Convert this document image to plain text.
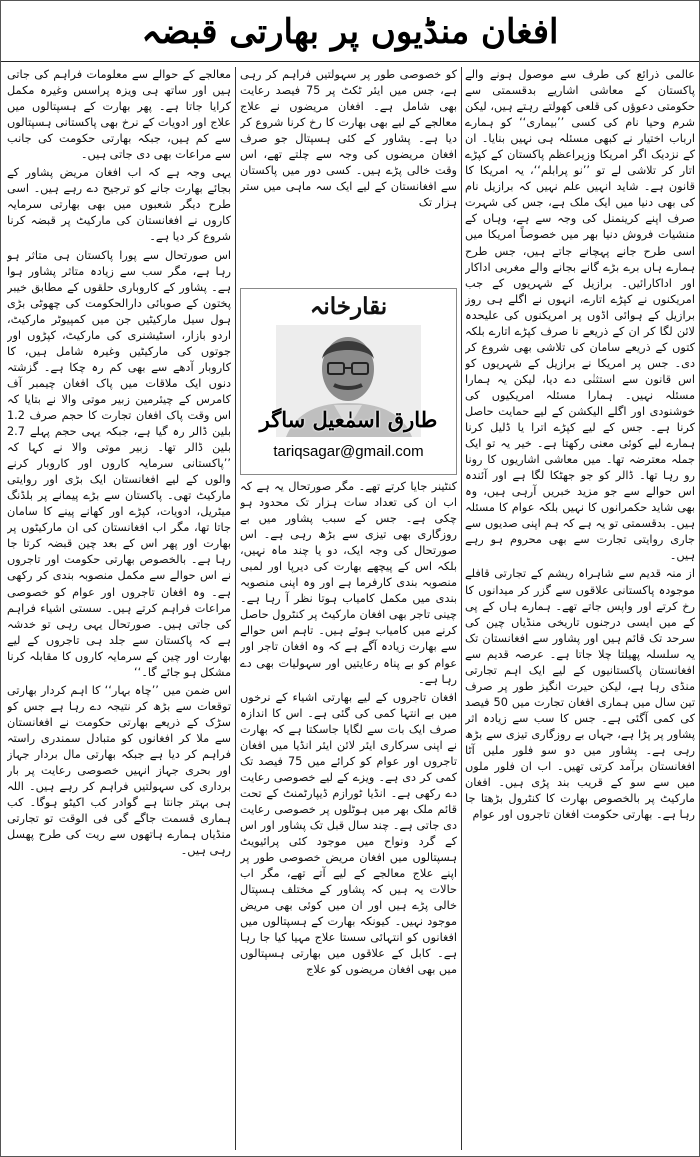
افغان منڈیوں پر بھارتی قبضہ

عالمی ذرائع کی طرف سے موصول ہونے والے پاکستان کے معاشی اشاریے بدقسمتی سے حکومتی دعوؤں کی قلعی کھولتے رہتے ہیں، لیکن شرم وحیا نام کی کسی ’’بیماری‘‘ کو ہمارے ارباب اختیار نے کبھی مسئلہ ہی نہیں بنایا۔ ان کے نزدیک اگر امریکا وزیراعظم پاکستان کے کپڑے اتار کر تلاشی لے تو ’’نو پرابلم‘‘، یہ امریکا کا قانون ہے۔ شاید انہیں علم نہیں کہ برازیل نام کی بھی دنیا میں ایک ملک ہے، جس کی شہرت صرف اپنے کرینمنل کی وجہ سے ہے، وہاں کے منشیات فروش دنیا بھر میں خصوصاً امریکا میں اسی طرح جانے پہچانے جاتے ہیں، جس طرح ہمارے ہاں برے بڑے گانے بجانے والے مغربی اداکار اور اداکارائیں۔ برازیل کے شہریوں کے جب امریکنوں نے کپڑے اتارے، انہوں نے اگلے ہی روز برازیل کے ہوائی اڈوں پر امریکنوں کی علیحدہ لائن لگا کر ان کے ذریعے نا صرف کپڑے اتارے بلکہ کتوں کے ذریعے سامان کی تلاشی بھی شروع کر دی۔ جس پر امریکا نے برازیل کے شہریوں کو اس قانون سے استثنٰی دے دیا، لیکن یہ ہمارا مسئلہ نہیں۔ ہمارا مسئلہ امریکیوں کی خوشنودی اور اگلے الیکشن کے لیے حمایت حاصل کرنا ہے۔ جس کے لیے کپڑے اترا یا ڈلیل کرنا ہمارے لیے کوئی معنی رکھتا ہے۔ خیر یہ تو ایک جملہ معترضہ تھا۔ میں معاشی اشاریوں کا رونا رو رہا تھا۔ ڈالر کو جو جھٹکا لگا ہے اور آئندہ اس حوالے سے جو مزید خبریں آرہی ہیں، وہ بھی شاید حکمرانوں کا نہیں بلکہ عوام کا مسئلہ ہیں۔ بدقسمتی تو یہ ہے کہ ہم اپنی صدیوں سے جاری روایتی تجارت سے بھی محروم ہو رہے ہیں۔

از منہ قدیم سے شاہراہ ریشم کے تجارتی قافلے موجودہ پاکستانی علاقوں سے گزر کر میدانوں کا رخ کرتے اور واپس جاتے تھے۔ ہمارے ہاں کے پی کے میں ایسی درجنوں تاریخی منڈیاں چین کی سرحد تک قائم ہیں اور پشاور سے افغانستان تک یہ سلسلہ پھیلتا چلا جاتا ہے۔ عرصہ قدیم سے افغانستان پاکستانیوں کے لیے ایک اہم تجارتی منڈی رہا ہے، لیکن حیرت انگیز طور پر صرف تین سال میں ہماری افغان تجارت میں 50 فیصد کی کمی آگئی ہے۔ جس کا سب سے زیادہ اثر پشاور پر پڑا ہے، جہاں بے روزگاری تیزی سے بڑھ رہی ہے۔ پشاور میں دو سو فلور ملیں آٹا افغانستان برآمد کرتی تھیں۔ اب ان فلور ملوں میں سے سو کے قریب بند پڑی ہیں۔ افغان مارکیٹ پر بالخصوص بھارت کا کنٹرول بڑھتا جا رہا ہے۔ بھارتی حکومت افغان تاجروں اور عوام

کو خصوصی طور پر سہولتیں فراہم کر رہی ہے، جس میں ایئر ٹکٹ پر 75 فیصد رعایت بھی شامل ہے۔ افغان مریضوں نے علاج معالجے کے لیے بھی بھارت کا رخ کرنا شروع کر دیا ہے۔ پشاور کے کئی ہسپتال جو صرف افغان مریضوں کی وجہ سے چلتے تھے، اس وقت خالی پڑے ہیں۔ کسی دور میں پاکستان سے افغانستان کے لیے ایک سہ ماہی میں ستر ہزار تک

نقارخانہ
طارق اسمٰعیل ساگر
tariqsagar@gmail.com

کنٹینر جایا کرتے تھے۔ مگر صورتحال یہ ہے کہ اب ان کی تعداد سات ہزار تک محدود ہو چکی ہے۔ جس کے سبب پشاور میں بے روزگاری بھی تیزی سے بڑھ رہی ہے۔ اس صورتحال کی وجہ ایک، دو یا چند ماہ نہیں، بلکہ اس کے پیچھے بھارت کی دیرپا اور لمبی منصوبہ بندی کارفرما ہے اور وہ اپنی منصوبہ بندی میں مکمل کامیاب ہوتا نظر آ رہا ہے۔ چینی تاجر بھی افغان مارکیٹ پر کنٹرول حاصل کرنے میں کامیاب ہوئے ہیں۔ تاہم اس حوالے سے بھارت زیادہ آگے ہے کہ وہ افغان تاجر اور عوام کو بے پناہ رعایتیں اور سہولیات بھی دے رہا ہے۔

افغان تاجروں کے لیے بھارتی اشیاء کے نرخوں میں بے انتہا کمی کی گئی ہے۔ اس کا اندازہ صرف ایک بات سے لگایا جاسکتا ہے کہ بھارت نے اپنی سرکاری ایئر لائن ایئر انڈیا میں افغان تاجروں اور عوام کو کرائے میں 75 فیصد تک کمی کر دی ہے۔ ویزے کے لیے خصوصی رعایت دے رکھی ہے۔ انڈیا ٹورازم ڈیپارٹمنٹ کے تحت قائم ملک بھر میں ہوٹلوں پر خصوصی رعایت دی جاتی ہے۔ چند سال قبل تک پشاور اور اس کے گرد ونواح میں موجود کئی پرائیویٹ ہسپتالوں میں افغان مریض خصوصی طور پر اپنے علاج معالجے کے لیے آتے تھے، مگر اب حالات یہ ہیں کہ پشاور کے مختلف ہسپتال خالی پڑے ہیں اور ان میں کوئی بھی مریض موجود نہیں۔ کیونکہ بھارت کے ہسپتالوں میں افغانوں کو انتہائی سستا علاج مہیا کیا جا رہا ہے۔ کابل کے علاقوں میں بھارتی ہسپتالوں میں بھی افغان مریضوں کو علاج

معالجے کے حوالے سے معلومات فراہم کی جاتی ہیں اور ساتھ ہی ویزہ پراسس وغیرہ مکمل کرایا جاتا ہے۔ پھر بھارت کے ہسپتالوں میں علاج اور ادویات کے نرخ بھی پاکستانی ہسپتالوں سے کم ہیں، جبکہ بھارتی حکومت کی جانب سے مراعات بھی دی جاتی ہیں۔

یہی وجہ ہے کہ اب افغان مریض پشاور کے بجائے بھارت جانے کو ترجیح دے رہے ہیں۔ اسی طرح دیگر شعبوں میں بھی بھارتی سرمایہ کاروں نے افغانستان کی مارکیٹ پر قبضہ کرنا شروع کر دیا ہے۔

اس صورتحال سے پورا پاکستان ہی متاثر ہو رہا ہے، مگر سب سے زیادہ متاثر پشاور ہوا ہے۔ پشاور کے کاروباری حلقوں کے مطابق خیبر پختون کے صوبائی دارالحکومت کی چھوٹی بڑی ہول سیل مارکیٹیں جن میں کمپیوٹر مارکیٹ، اردو بازار، اسٹیشنری کی مارکیٹ، کپڑوں اور جوتوں کی مارکیٹیں وغیرہ شامل ہیں، کا کاروبار آدھے سے بھی کم رہ چکا ہے۔ گزشتہ دنوں ایک ملاقات میں پاک افغان چیمبر آف کامرس کے چیئرمین زبیر موتی والا نے بتایا کہ اس وقت پاک افغان تجارت کا حجم صرف 1.2 بلین ڈالر رہ گیا ہے، جبکہ یہی حجم پہلے 2.7 بلین ڈالر تھا۔ زبیر موتی والا نے کہا کہ ’’پاکستانی سرمایہ کاروں اور کاروبار کرنے والوں کے لیے افغانستان ایک بڑی اور روایتی مارکیٹ تھی۔ پاکستان سے بڑے پیمانے پر بلڈنگ میٹریل، ادویات، کپڑے اور کھانے پینے کا سامان جاتا تھا، مگر اب افغانستان کی ان مارکیٹوں پر بھارت اور پھر اس کے بعد چین قبضہ کرتا جا رہا ہے۔ بالخصوص بھارتی حکومت اور تاجروں نے اس حوالے سے مکمل منصوبہ بندی کر رکھی ہے۔ وہ افغان تاجروں اور عوام کو خصوصی مراعات فراہم کرتے ہیں۔ سستی اشیاء فراہم کی جاتی ہیں۔ صورتحال یہی رہی تو خدشہ ہے کہ پاکستان سے جلد ہی تاجروں کے لیے بھارت اور چین کے سرمایہ کاروں کا مقابلہ کرنا مشکل ہو جائے گا۔‘‘

اس ضمن میں ’’چاہ بہار‘‘ کا اہم کردار بھارتی توقعات سے بڑھ کر نتیجہ دے رہا ہے جس کو سڑک کے ذریعے بھارتی حکومت نے افغانستان سے ملا کر افغانوں کو متبادل سمندری راستہ فراہم کر دیا ہے جبکہ بھارتی مال بردار جہاز اور بحری جہاز انہیں خصوصی رعایت پر بار برداری کی سہولتیں فراہم کر رہے ہیں۔ اللہ ہی بہتر جانتا ہے گوادر کب اکیٹو ہوگا۔ کب ہماری قسمت جاگے گی فی الوقت تو تجارتی منڈیاں ہمارے ہاتھوں سے ریت کی طرح پھسل رہی ہیں۔
